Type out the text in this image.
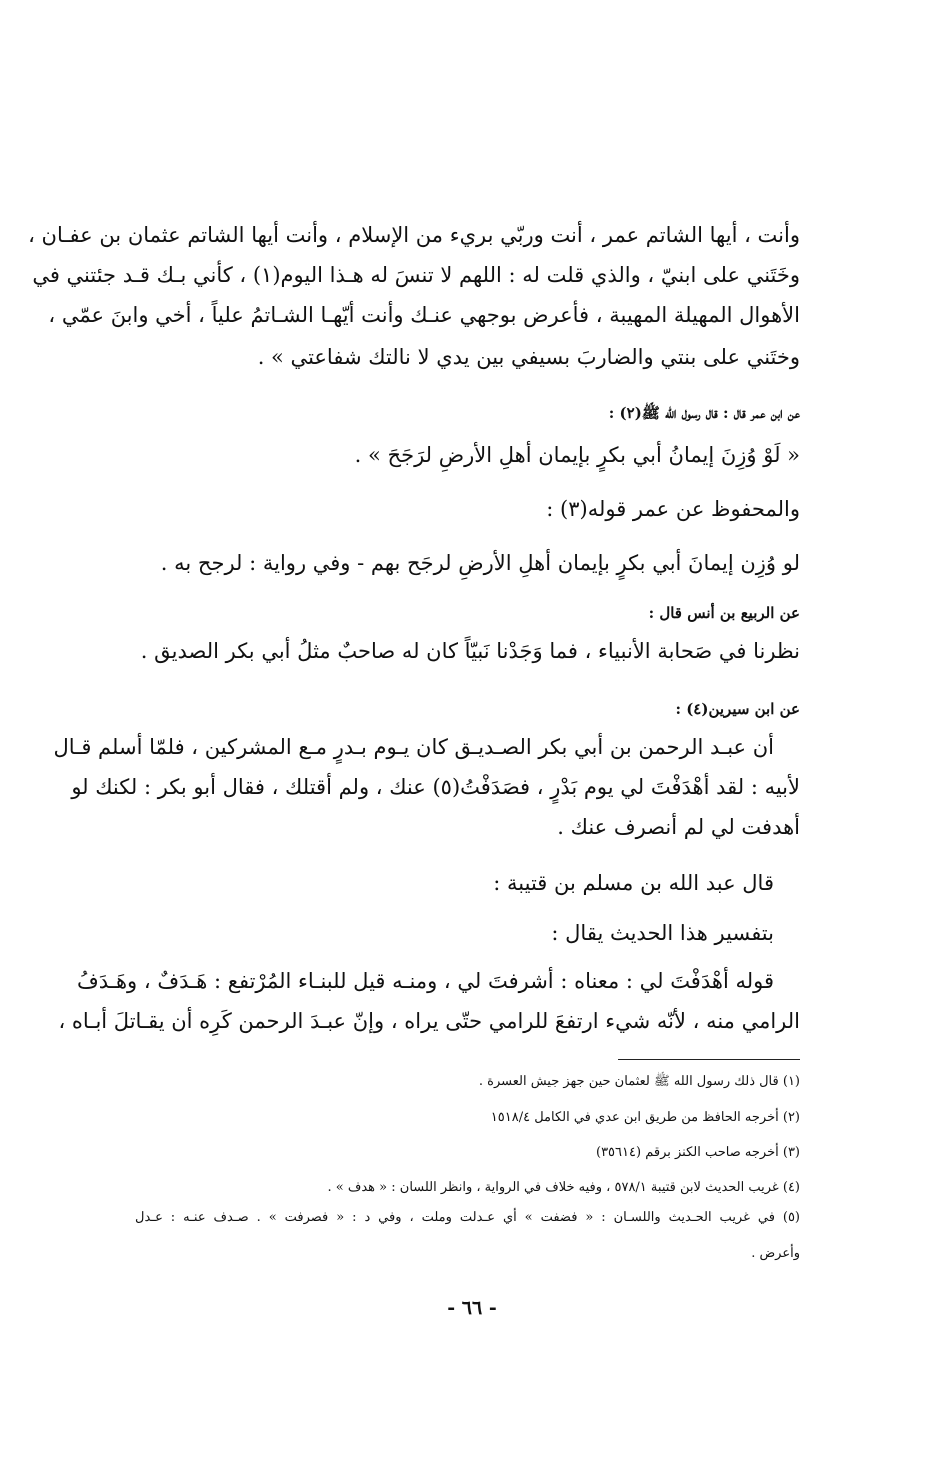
وأنت ، أيها الشاتم عمر ، أنت وربّي بريء من الإسلام ، وأنت أيها الشاتم عثمان بن عفـان ،
وخَتَني على ابنيّ ، والذي قلت له : اللهم لا تنسَ له هـذا اليوم(١) ، كأني بـك قـد جئتني في
الأهوال المهيلة المهيبة ، فأعرض بوجهي عنـك وأنت أيّهـا الشـاتمُ علياً ، أخي وابنَ عمّي ،
وختَني على بنتي والضاربَ بسيفي بين يدي لا نالتك شفاعتي » .
عن ابن عمر قال : قال رسول الله ﷺ(٢) :
« لَوْ وُزِنَ إيمانُ أبي بكرٍ بإيمان أهلِ الأرضِ لرَجَحَ » .
والمحفوظ عن عمر قوله(٣) :
لو وُزِن إيمانَ أبي بكرٍ بإيمان أهلِ الأرضِ لرجَح بهم - وفي رواية : لرجح به .
عن الربيع بن أنس قال :
نظرنا في صَحابة الأنبياء ، فما وَجَدْنا نَبيّاً كان له صاحبٌ مثلُ أبي بكر الصديق .
عن ابن سيرين(٤) :
أن عبـد الرحمن بن أبي بكر الصـديـق كان يـوم بـدرٍ مـع المشركين ، فلمّا أسلم قـال
لأبيه : لقد أهْدَفْتَ لي يوم بَدْرٍ ، فصَدَفْتُ(٥) عنك ، ولم أقتلك ، فقال أبو بكر : لكنك لو
أهدفت لي لم أنصرف عنك .
قال عبد الله بن مسلم بن قتيبة :
بتفسير هذا الحديث يقال :
قوله أهْدَفْتَ لي : معناه : أشرفتَ لي ، ومنـه قيل للبنـاء المُرْتفع : هَـدَفٌ ، وهَـدَفُ
الرامي منه ، لأنّه شيء ارتفعَ للرامي حتّى يراه ، وإنّ عبـدَ الرحمن كَرِه أن يقـاتلَ أبـاه ،
(١) قال ذلك رسول الله ﷺ لعثمان حين جهز جيش العسرة .
(٢) أخرجه الحافظ من طريق ابن عدي في الكامل ١٥١٨/٤
(٣) أخرجه صاحب الكنز برقم (٣٥٦١٤)
(٤) غريب الحديث لابن قتيبة ٥٧٨/١ ، وفيه خلاف في الرواية ، وانظر اللسان : « هدف » .
(٥) في غريب الحـديث واللسـان : « فضفت » أي عـدلت وملت ، وفي د : « فصرفت » . صـدف عنـه : عـدل
وأعرض .
- ٦٦ -
